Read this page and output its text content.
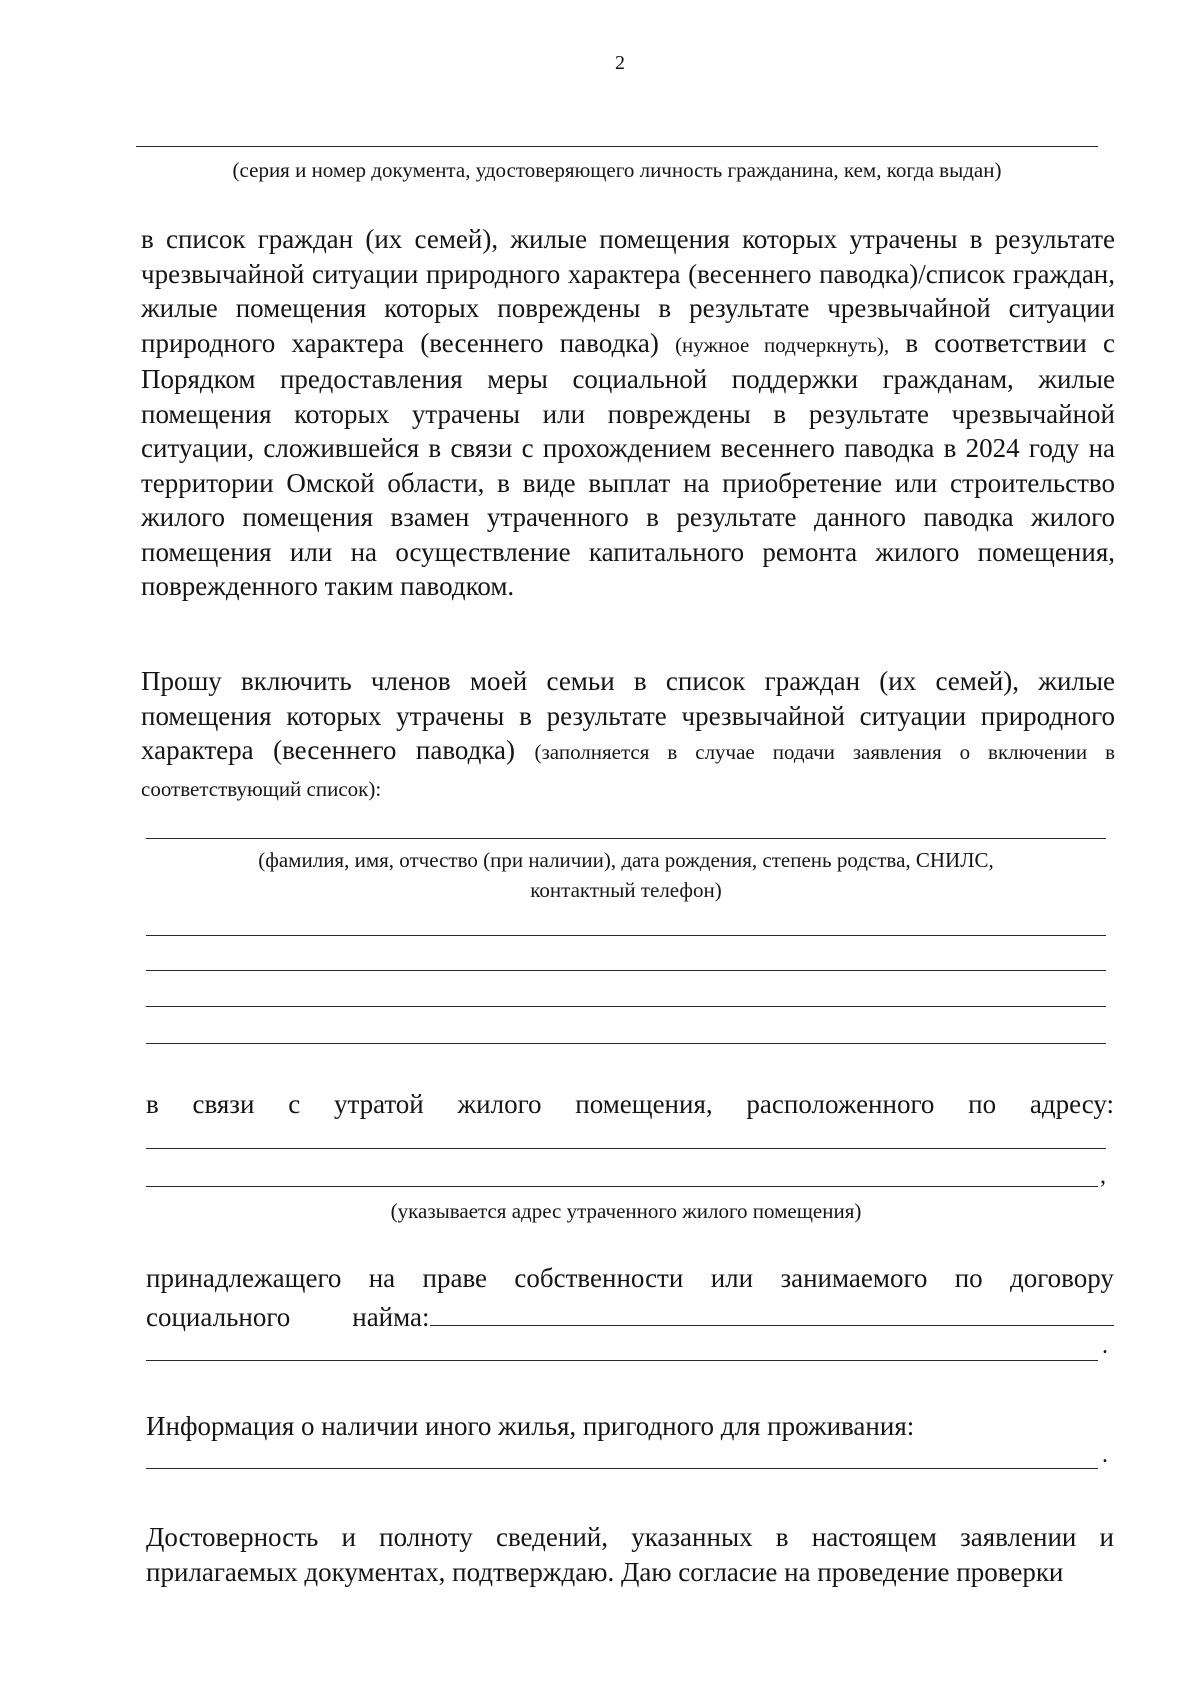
2
(серия и номер документа, удостоверяющего личность гражданина, кем, когда выдан)
в список граждан (их семей), жилые помещения которых утрачены в результате чрезвычайной ситуации природного характера (весеннего паводка)/список граждан, жилые помещения которых повреждены в результате чрезвычайной ситуации природного характера (весеннего паводка) (нужное подчеркнуть), в соответствии с Порядком предоставления меры социальной поддержки гражданам, жилые помещения которых утрачены или повреждены в результате чрезвычайной ситуации, сложившейся в связи с прохождением весеннего паводка в 2024 году на территории Омской области, в виде выплат на приобретение или строительство жилого помещения взамен утраченного в результате данного паводка жилого помещения или на осуществление капитального ремонта жилого помещения, поврежденного таким паводком.
Прошу включить членов моей семьи в список граждан (их семей), жилые помещения которых утрачены в результате чрезвычайной ситуации природного характера (весеннего паводка) (заполняется в случае подачи заявления о включении в соответствующий список):
(фамилия, имя, отчество (при наличии), дата рождения, степень родства, СНИЛС,
контактный телефон)
в связи с утратой жилого помещения, расположенного по адресу:
,
(указывается адрес утраченного жилого помещения)
принадлежащего на праве собственности или занимаемого по договору
социального найма:
.
Информация о наличии иного жилья, пригодного для проживания:
.
Достоверность и полноту сведений, указанных в настоящем заявлении и прилагаемых документах, подтверждаю. Даю согласие на проведение проверки
